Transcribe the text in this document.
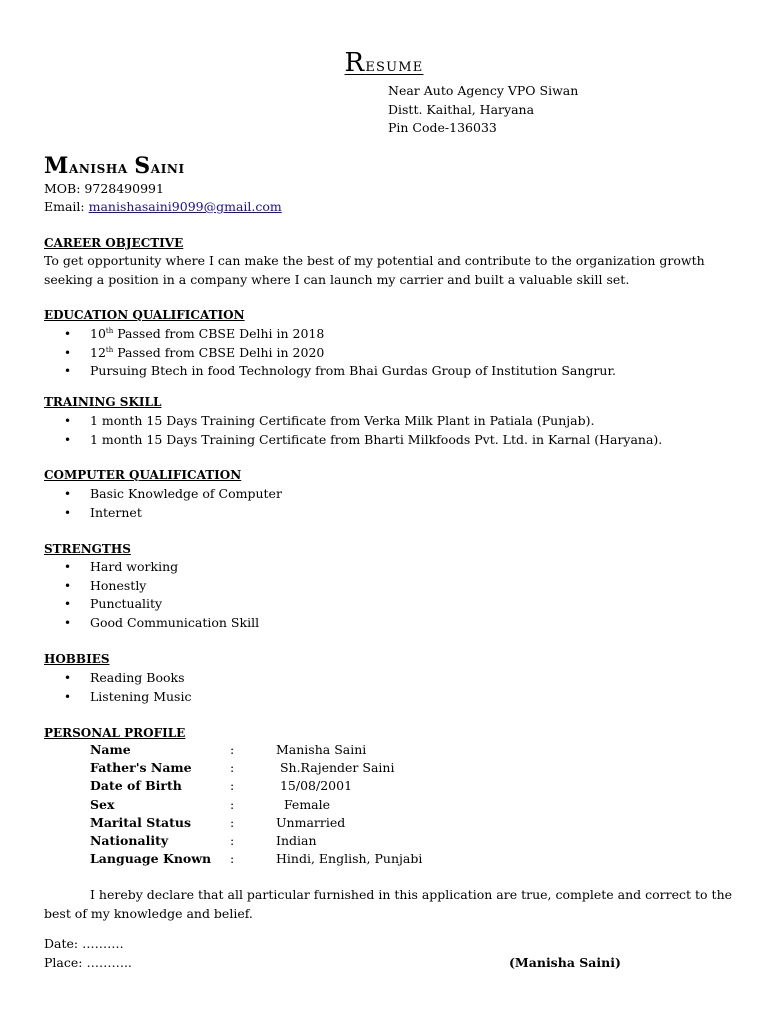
Resume
Near Auto Agency VPO Siwan
Distt. Kaithal, Haryana
Pin Code-136033
Manisha Saini
MOB: 9728490991
Email: manishasaini9099@gmail.com
CAREER OBJECTIVE
To get opportunity where I can make the best of my potential and contribute to the organization growth seeking a position in a company where I can launch my carrier and built a valuable skill set.
EDUCATION QUALIFICATION
•	10th Passed from CBSE Delhi in 2018
•	12th Passed from CBSE Delhi in 2020
•	Pursuing Btech in food Technology from Bhai Gurdas Group of Institution Sangrur.
TRAINING SKILL
•	1 month 15 Days Training Certificate from Verka Milk Plant in Patiala (Punjab).
•	1 month 15 Days Training Certificate from Bharti Milkfoods Pvt. Ltd. in Karnal (Haryana).
COMPUTER QUALIFICATION
•	Basic Knowledge of Computer
•	Internet
STRENGTHS
•	Hard working
•	Honestly
•	Punctuality
•	Good Communication Skill
HOBBIES
•	Reading Books
•	Listening Music
PERSONAL PROFILE
Name	:	Manisha Saini
Father's Name	:	Sh.Rajender Saini
Date of Birth	:	15/08/2001
Sex	:	Female
Marital Status	:	Unmarried
Nationality	:	Indian
Language Known	:	Hindi, English, Punjabi
I hereby declare that all particular furnished in this application are true, complete and correct to the best of my knowledge and belief.
Date: ……….
Place: ………..	(Manisha Saini)
